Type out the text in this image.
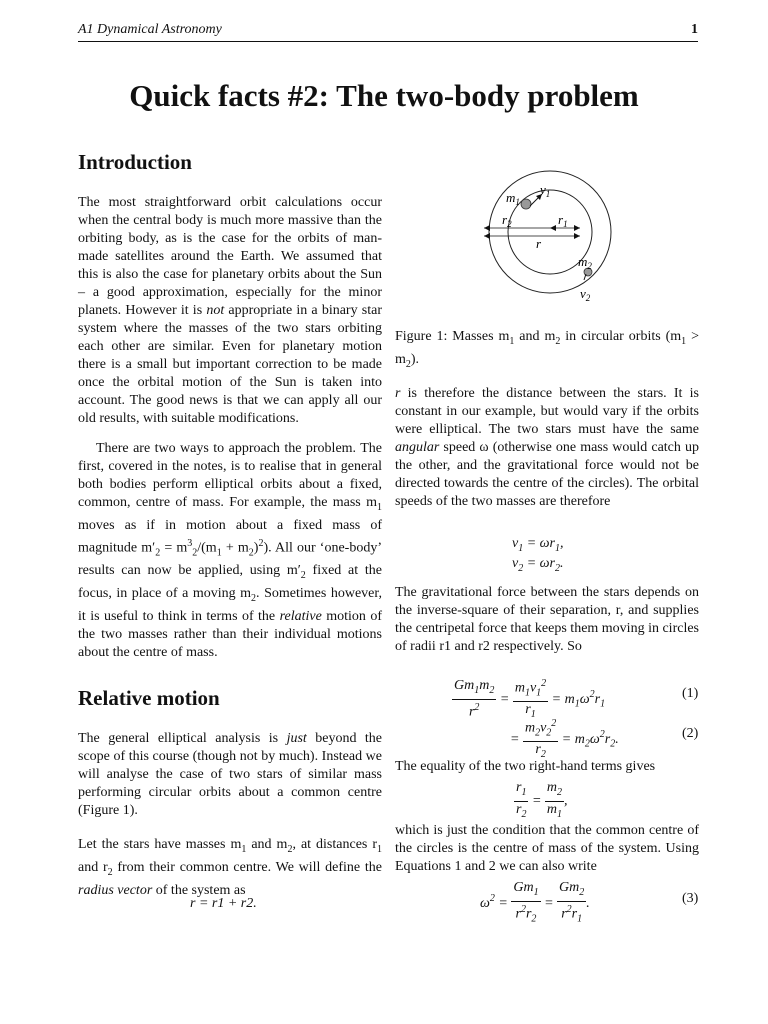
A1 Dynamical Astronomy	1
Quick facts #2: The two-body problem
Introduction

The most straightforward orbit calculations occur when the central body is much more massive than the orbiting body, as is the case for the orbits of man-made satellites around the Earth. We assumed that this is also the case for planetary orbits about the Sun – a good approximation, especially for the minor planets. However it is not appropriate in a binary star system where the masses of the two stars orbiting each other are similar. Even for planetary motion there is a small but important correction to be made once the orbital motion of the Sun is taken into account. The good news is that we can apply all our old results, with suitable modifications.

There are two ways to approach the problem. The first, covered in the notes, is to realise that in general both bodies perform elliptical orbits about a fixed, common, centre of mass. For example, the mass $m_1$ moves as if in motion about a fixed mass of magnitude $m'_2 = m^3_2/(m_1 + m_2)^2$). All our ‘one-body’ results can now be applied, using $m'_2$ fixed at the focus, in place of a moving $m_2$. Sometimes however, it is useful to think in terms of the relative motion of the two masses rather than their individual motions about the centre of mass.

Relative motion

The general elliptical analysis is just beyond the scope of this course (though not by much). Instead we will analyse the case of two stars of similar mass performing circular orbits about a common centre (Figure 1).

Let the stars have masses $m_1$ and $m_2$, at distances $r_1$ and $r_2$ from their common centre. We will define the radius vector of the system as

r = r1 + r2.
$m_1$
$v_1$
$r_2$	$r_1$
r
$m_2$
$v_2$

Figure 1: Masses $m_1$ and $m_2$ in circular orbits $(m_1 > m_2)$.

r is therefore the distance between the stars. It is constant in our example, but would vary if the orbits were elliptical. The two stars must have the same angular speed ω (otherwise one mass would catch up the other, and the gravitational force would not be directed towards the centre of the circles). The orbital speeds of the two masses are therefore

$v_1 = \omega r_1$,
$v_2 = \omega r_2$.
The gravitational force between the stars depends on the inverse-square of their separation, r, and supplies the centripetal force that keeps them moving in circles of radii r1 and r2 respectively. So
$\frac{Gm_1m_2}{r^2} = \frac{m_1v_1^2}{r_1} = m_1\omega^2r_1$
(1)
= $\frac{m_2v_2^2}{r_2} = m_2\omega^2r_2$.	(2)
The equality of the two right-hand terms gives
$\frac{r_1}{r_2} = \frac{m_2}{m_1}$ ,
which is just the condition that the common centre of the circles is the centre of mass of the system. Using Equations 1 and 2 we can also write
$\omega^2 = \frac{Gm_1}{r^2r_2} = \frac{Gm_2}{r^2r_1}$ .	(3)
